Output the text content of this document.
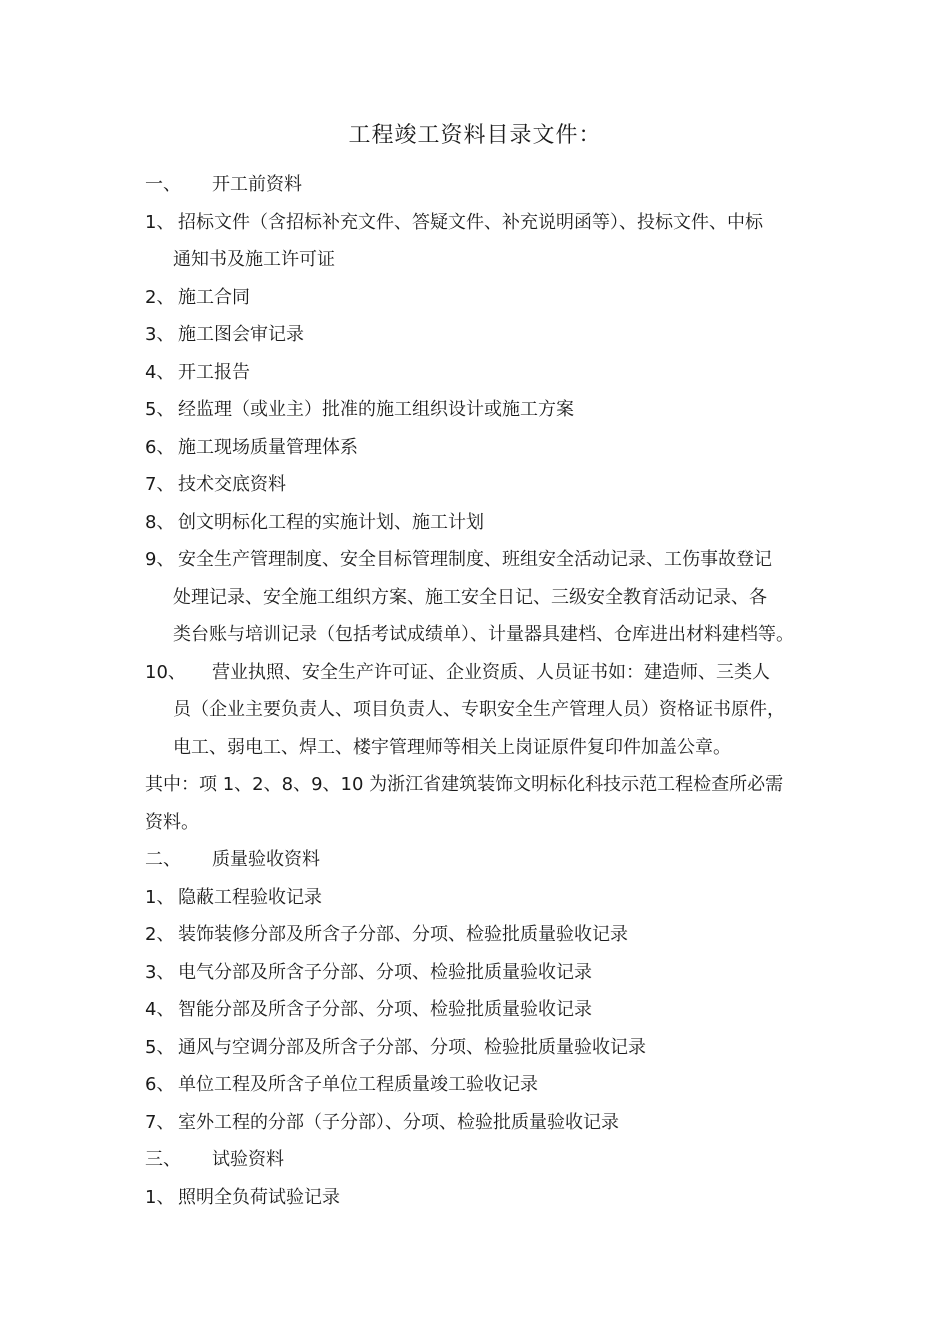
工程竣工资料目录文件：
一、	开工前资料
1、 招标文件（含招标补充文件、答疑文件、补充说明函等）、投标文件、中标
通知书及施工许可证
2、 施工合同
3、 施工图会审记录
4、 开工报告
5、 经监理（或业主）批准的施工组织设计或施工方案
6、 施工现场质量管理体系
7、 技术交底资料
8、 创文明标化工程的实施计划、施工计划
9、 安全生产管理制度、安全目标管理制度、班组安全活动记录、工伤事故登记
处理记录、安全施工组织方案、施工安全日记、三级安全教育活动记录、各
类台账与培训记录（包括考试成绩单）、计量器具建档、仓库进出材料建档等。
10、	营业执照、安全生产许可证、企业资质、人员证书如：建造师、三类人
员（企业主要负责人、项目负责人、专职安全生产管理人员）资格证书原件，
电工、弱电工、焊工、楼宇管理师等相关上岗证原件复印件加盖公章。
其中：项 1、2、8、9、10 为浙江省建筑装饰文明标化科技示范工程检查所必需
资料。
二、	质量验收资料
1、 隐蔽工程验收记录
2、 装饰装修分部及所含子分部、分项、检验批质量验收记录
3、 电气分部及所含子分部、分项、检验批质量验收记录
4、 智能分部及所含子分部、分项、检验批质量验收记录
5、 通风与空调分部及所含子分部、分项、检验批质量验收记录
6、 单位工程及所含子单位工程质量竣工验收记录
7、 室外工程的分部（子分部）、分项、检验批质量验收记录
三、	试验资料
1、 照明全负荷试验记录
